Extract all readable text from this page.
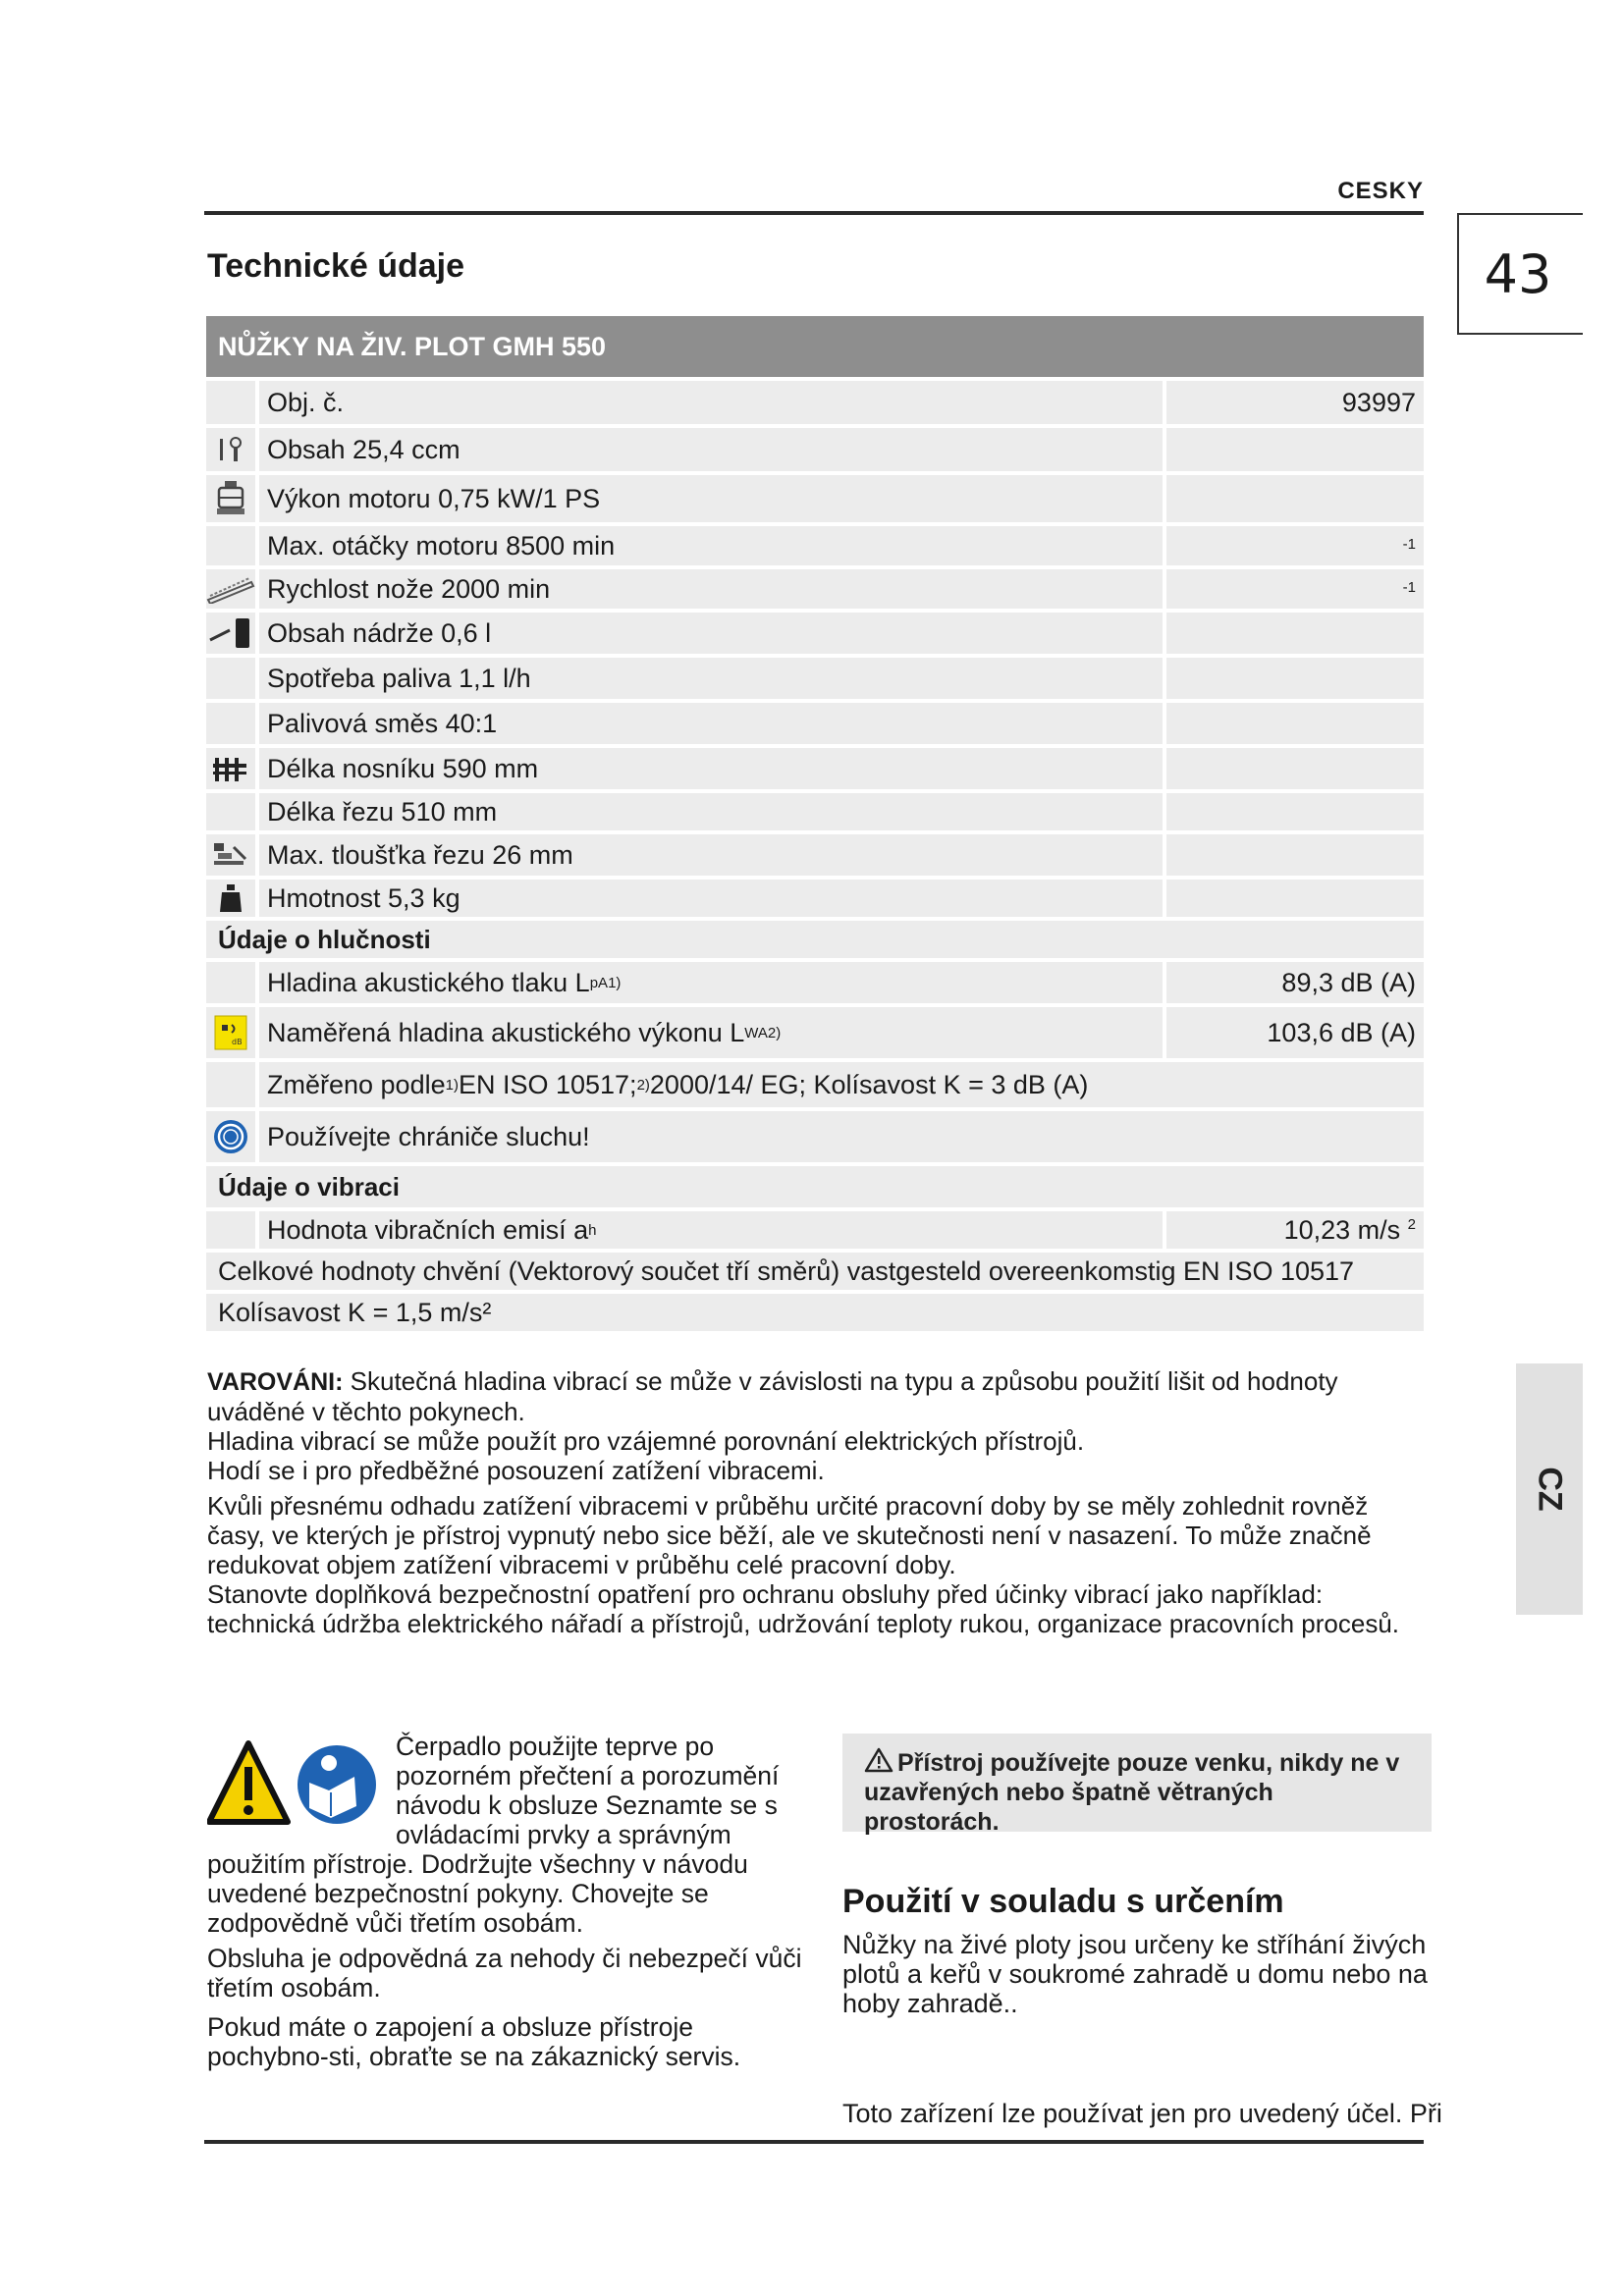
CESKY
43
CZ
Technické údaje
NŮŽKY NA ŽIV. PLOT GMH 550
Obj. č.	93997
Obsah 25,4 ccm
Výkon motoru 0,75 kW/1 PS
Max. otáčky motoru 8500 min	-1
Rychlost nože 2000 min	-1
Obsah nádrže 0,6 l
Spotřeba paliva 1,1 l/h
Palivová směs 40:1
Délka nosníku 590 mm
Délka řezu 510 mm
Max. tloušťka řezu 26 mm
Hmotnost 5,3 kg
Údaje o hlučnosti
Hladina akustického tlaku L pA 1)	89,3 dB (A)
dB Naměřená hladina akustického výkonu L WA 2)	103,6 dB (A)
Změřeno podle 1) EN ISO 10517; 2) 2000/14/ EG; Kolísavost K = 3 dB (A)
Používejte chrániče sluchu!
Údaje o vibraci
Hodnota vibračních emisí a h	10,23 m/s
$^2$
Celkové hodnoty chvění (Vektorový součet tří směrů) vastgesteld overeenkomstig EN ISO 10517
Kolísavost K = 1,5 m/s²

VAROVÁNI: Skutečná hladina vibrací se může v závislosti na typu a způsobu použití lišit od hodnoty uváděné v těchto pokynech.

Hladina vibrací se může použít pro vzájemné porovnání elektrických přístrojů.

Hodí se i pro předběžné posouzení zatížení vibracemi.

Kvůli přesnému odhadu zatížení vibracemi v průběhu určité pracovní doby by se měly zohlednit rovněž časy, ve kterých je přístroj vypnutý nebo sice běží, ale ve skutečnosti není v nasazení. To může značně redukovat objem zatížení vibracemi v průběhu celé pracovní doby.

Stanovte doplňková bezpečnostní opatření pro ochranu obsluhy před účinky vibrací jako například: technická údržba elektrického nářadí a přístrojů, udržování teploty rukou, organizace pracovních procesů.

Čerpadlo použijte teprve po pozorném přečtení a porozumění návodu k obsluze Seznamte se s ovládacími prvky a správným použitím přístroje. Dodržujte všechny v návodu uvedené bezpečnostní pokyny. Chovejte se zodpovědně vůči třetím osobám.

Obsluha je odpovědná za nehody či nebezpečí vůči třetím osobám.

Pokud máte o zapojení a obsluze přístroje pochybno-sti, obraťte se na zákaznický servis.

Přístroj používejte pouze venku, nikdy ne v uzavřených nebo špatně větraných prostorách.
Použití v souladu s určením
Nůžky na živé ploty jsou určeny ke stříhání živých plotů a keřů v soukromé zahradě u domu nebo na hoby zahradě..
Toto zařízení lze používat jen pro uvedený účel. Při
